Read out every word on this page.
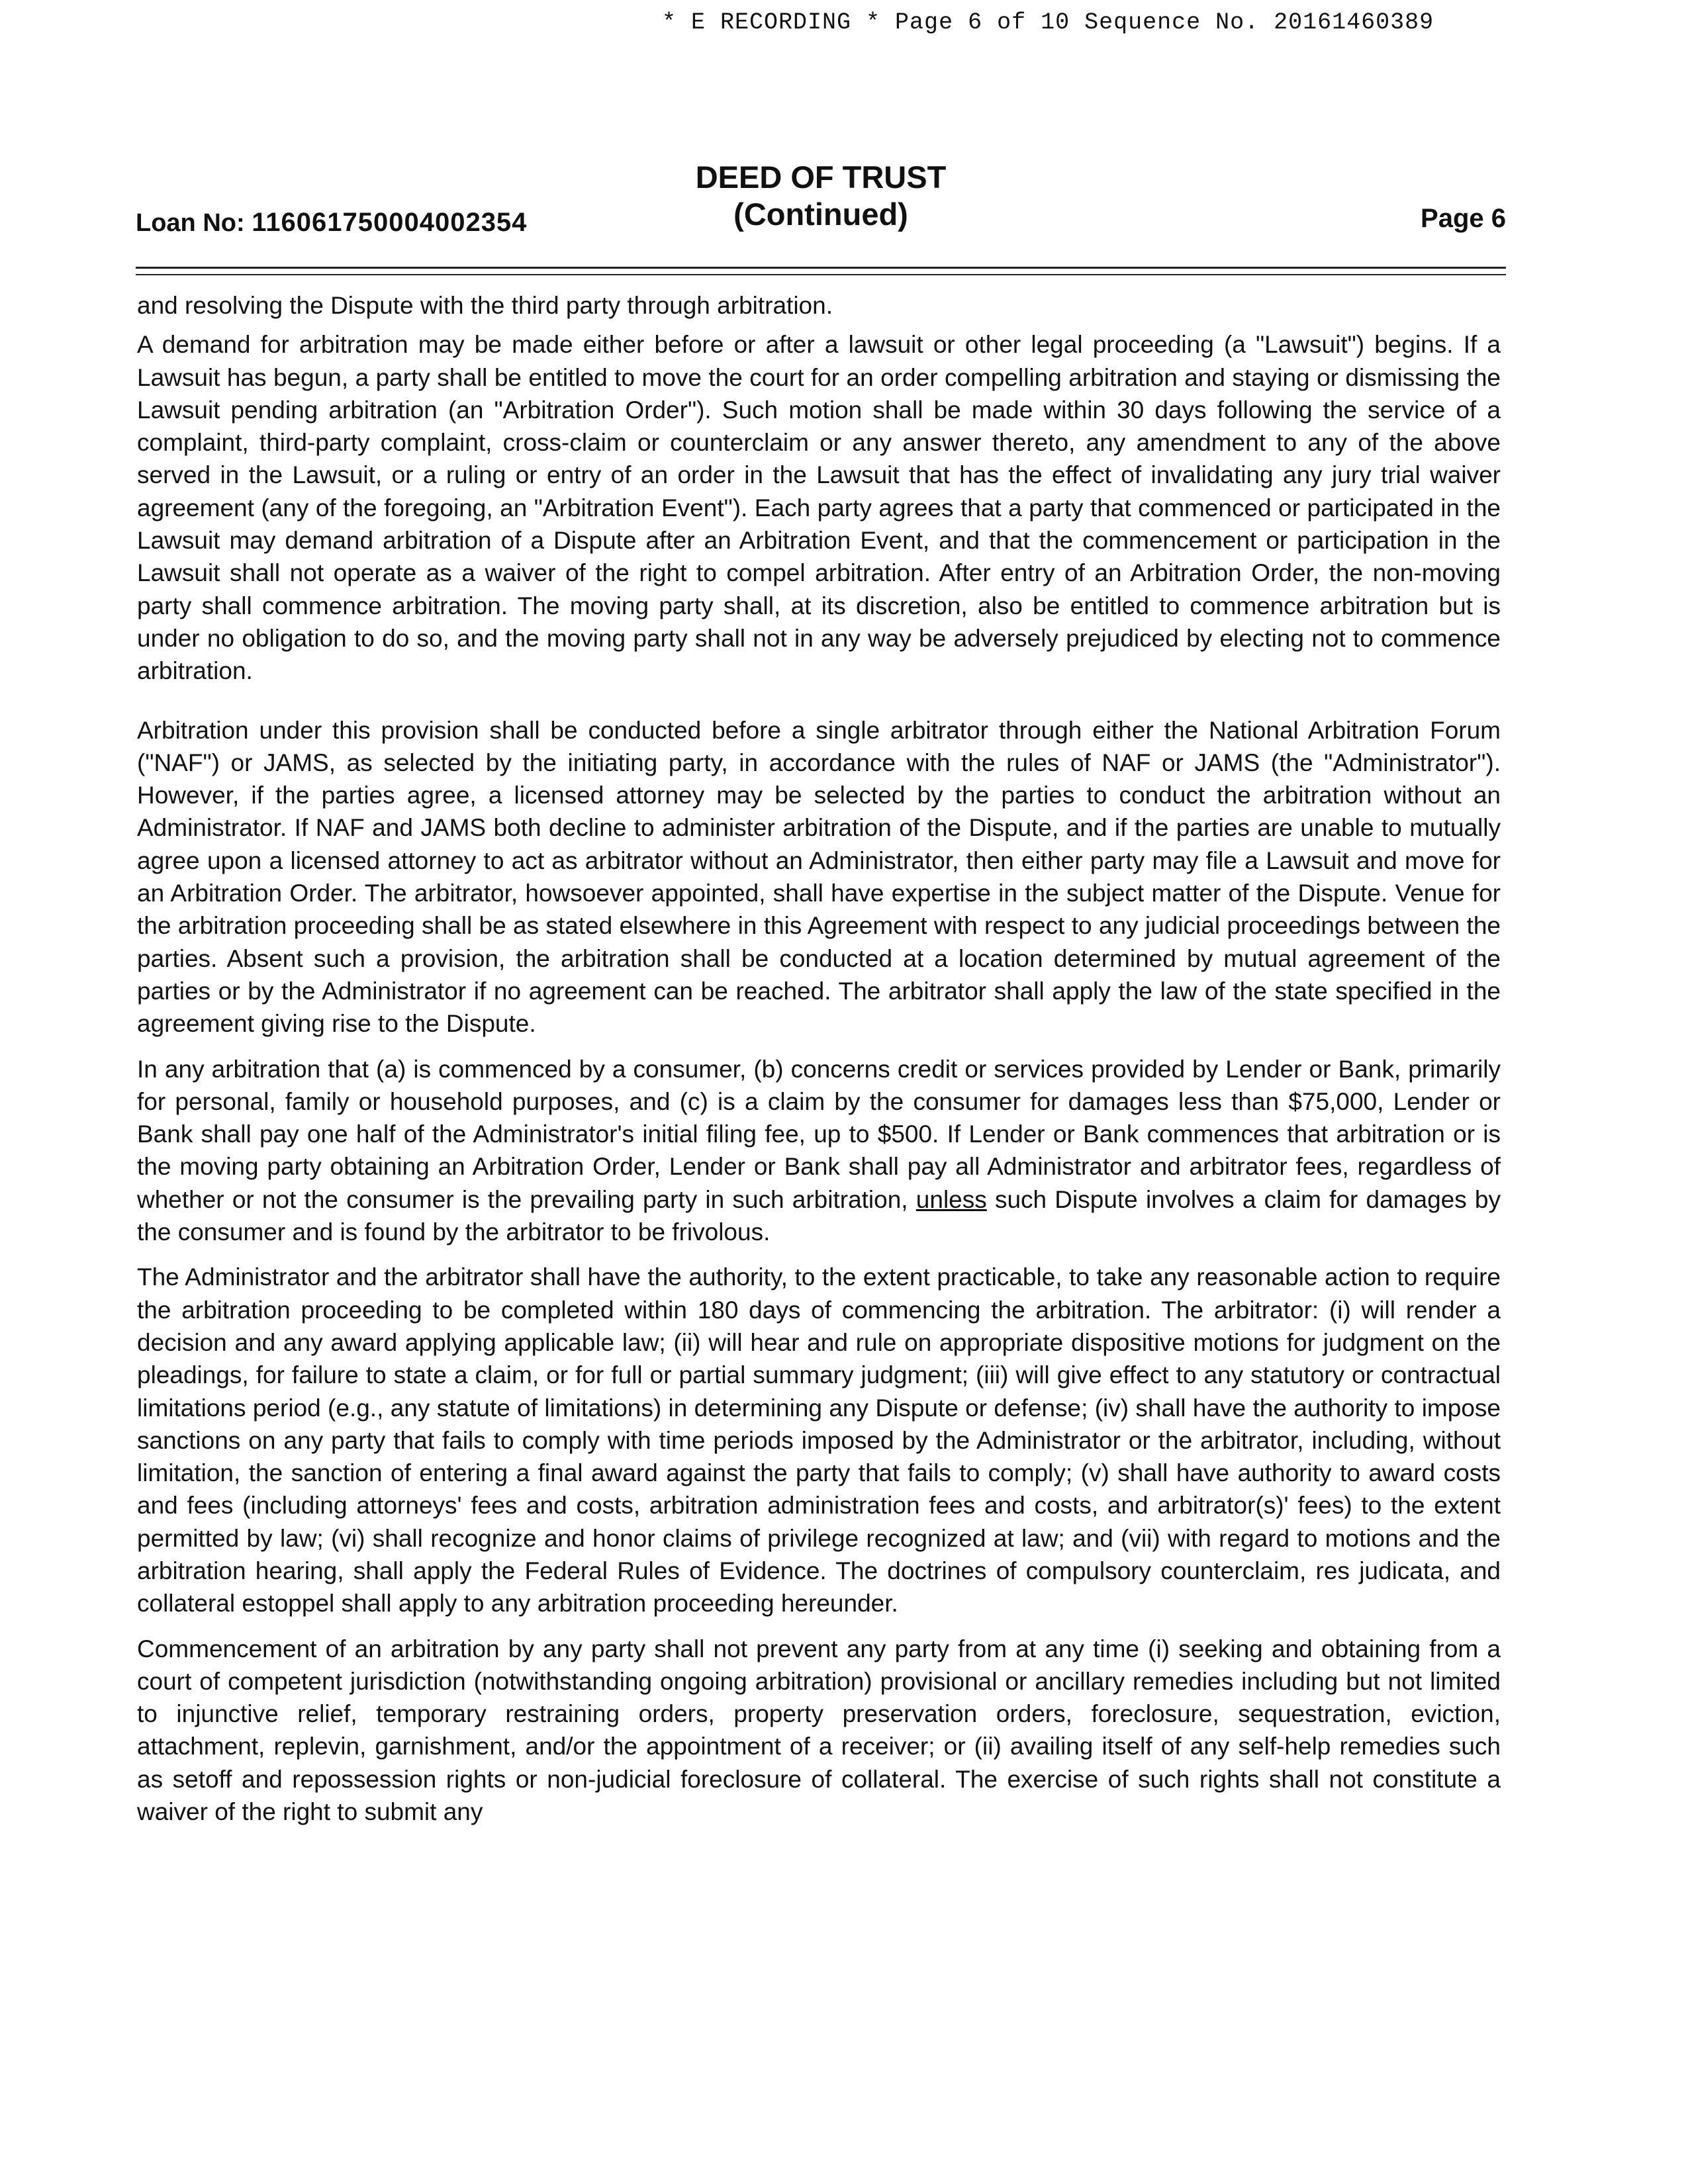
* E RECORDING * Page 6 of 10 Sequence No. 20161460389
DEED OF TRUST
(Continued)
Loan No: 116061750004002354	Page 6

and resolving the Dispute with the third party through arbitration.

A demand for arbitration may be made either before or after a lawsuit or other legal proceeding (a "Lawsuit") begins. If a Lawsuit has begun, a party shall be entitled to move the court for an order compelling arbitration and staying or dismissing the Lawsuit pending arbitration (an "Arbitration Order"). Such motion shall be made within 30 days following the service of a complaint, third-party complaint, cross-claim or counterclaim or any answer thereto, any amendment to any of the above served in the Lawsuit, or a ruling or entry of an order in the Lawsuit that has the effect of invalidating any jury trial waiver agreement (any of the foregoing, an "Arbitration Event"). Each party agrees that a party that commenced or participated in the Lawsuit may demand arbitration of a Dispute after an Arbitration Event, and that the commencement or participation in the Lawsuit shall not operate as a waiver of the right to compel arbitration. After entry of an Arbitration Order, the non-moving party shall commence arbitration. The moving party shall, at its discretion, also be entitled to commence arbitration but is under no obligation to do so, and the moving party shall not in any way be adversely prejudiced by electing not to commence arbitration.

Arbitration under this provision shall be conducted before a single arbitrator through either the National Arbitration Forum ("NAF") or JAMS, as selected by the initiating party, in accordance with the rules of NAF or JAMS (the "Administrator"). However, if the parties agree, a licensed attorney may be selected by the parties to conduct the arbitration without an Administrator. If NAF and JAMS both decline to administer arbitration of the Dispute, and if the parties are unable to mutually agree upon a licensed attorney to act as arbitrator without an Administrator, then either party may file a Lawsuit and move for an Arbitration Order. The arbitrator, howsoever appointed, shall have expertise in the subject matter of the Dispute. Venue for the arbitration proceeding shall be as stated elsewhere in this Agreement with respect to any judicial proceedings between the parties. Absent such a provision, the arbitration shall be conducted at a location determined by mutual agreement of the parties or by the Administrator if no agreement can be reached. The arbitrator shall apply the law of the state specified in the agreement giving rise to the Dispute.

In any arbitration that (a) is commenced by a consumer, (b) concerns credit or services provided by Lender or Bank, primarily for personal, family or household purposes, and (c) is a claim by the consumer for damages less than $75,000, Lender or Bank shall pay one half of the Administrator's initial filing fee, up to $500. If Lender or Bank commences that arbitration or is the moving party obtaining an Arbitration Order, Lender or Bank shall pay all Administrator and arbitrator fees, regardless of whether or not the consumer is the prevailing party in such arbitration, unless such Dispute involves a claim for damages by the consumer and is found by the arbitrator to be frivolous.

The Administrator and the arbitrator shall have the authority, to the extent practicable, to take any reasonable action to require the arbitration proceeding to be completed within 180 days of commencing the arbitration. The arbitrator: (i) will render a decision and any award applying applicable law; (ii) will hear and rule on appropriate dispositive motions for judgment on the pleadings, for failure to state a claim, or for full or partial summary judgment; (iii) will give effect to any statutory or contractual limitations period (e.g., any statute of limitations) in determining any Dispute or defense; (iv) shall have the authority to impose sanctions on any party that fails to comply with time periods imposed by the Administrator or the arbitrator, including, without limitation, the sanction of entering a final award against the party that fails to comply; (v) shall have authority to award costs and fees (including attorneys' fees and costs, arbitration administration fees and costs, and arbitrator(s)' fees) to the extent permitted by law; (vi) shall recognize and honor claims of privilege recognized at law; and (vii) with regard to motions and the arbitration hearing, shall apply the Federal Rules of Evidence. The doctrines of compulsory counterclaim, res judicata, and collateral estoppel shall apply to any arbitration proceeding hereunder.

Commencement of an arbitration by any party shall not prevent any party from at any time (i) seeking and obtaining from a court of competent jurisdiction (notwithstanding ongoing arbitration) provisional or ancillary remedies including but not limited to injunctive relief, temporary restraining orders, property preservation orders, foreclosure, sequestration, eviction, attachment, replevin, garnishment, and/or the appointment of a receiver; or (ii) availing itself of any self-help remedies such as setoff and repossession rights or non-judicial foreclosure of collateral. The exercise of such rights shall not constitute a waiver of the right to submit any
